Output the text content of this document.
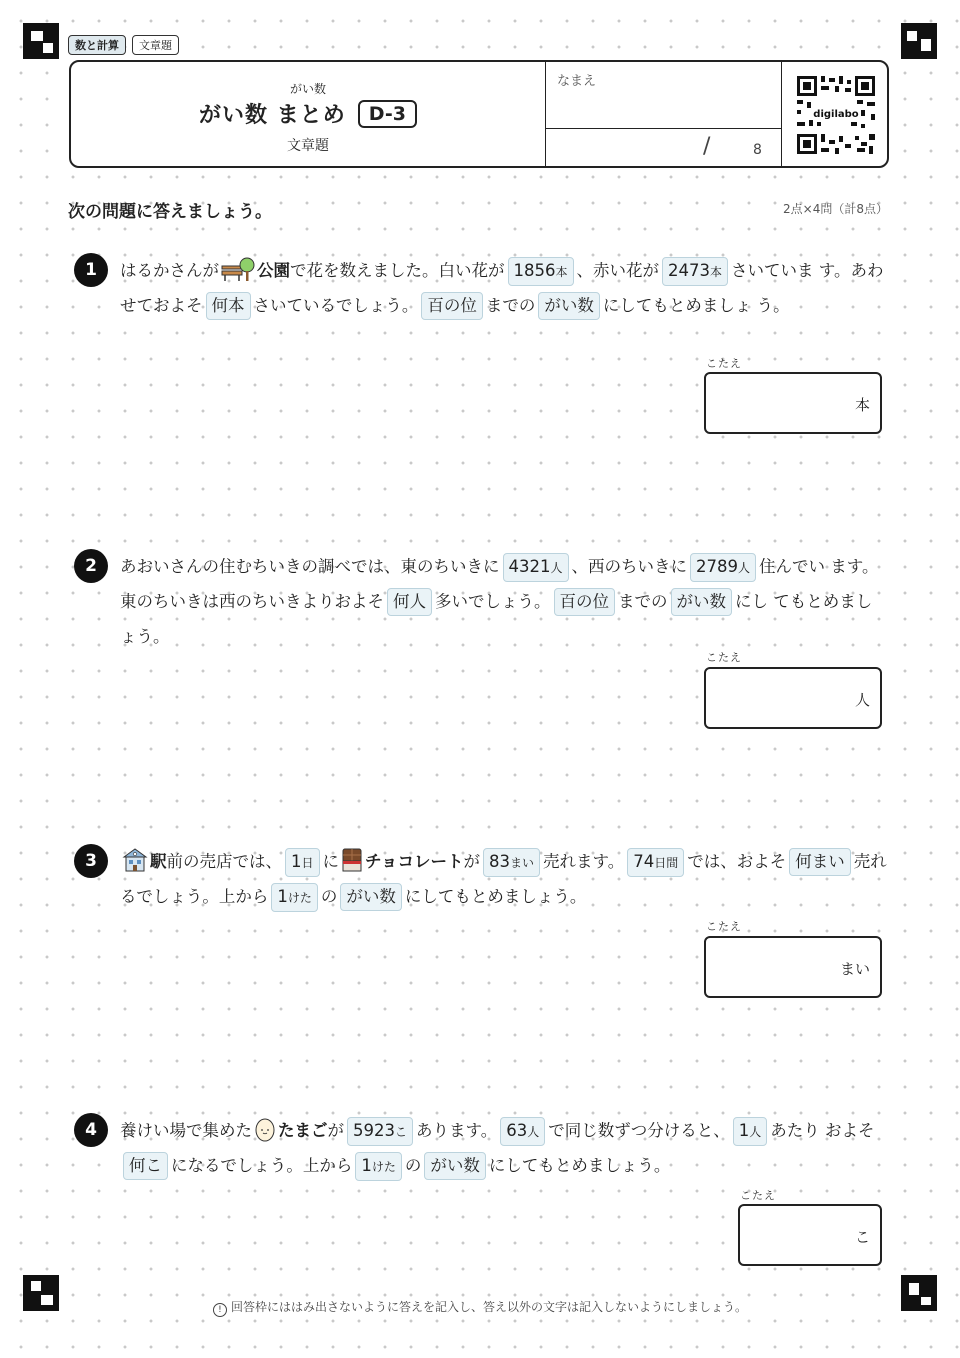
数と計算	文章題
がい数
がい数 まとめ	D-3
文章題
なまえ
/	8
digilabo
次の問題に答えましょう。	2点×4問（計8点）
1	はるかさんが 公園で花を数えました。白い花が 1856本 、赤い花が 2473本 さいていま す。あわせておよそ 何本 さいているでしょう。 百の位 までの がい数 にしてもとめましょ う。
こたえ
本
2	あおいさんの住むちいきの調べでは、東のちいきに 4321人 、西のちいきに 2789人 住んでい ます。東のちいきは西のちいきよりおよそ 何人 多いでしょう。 百の位 までの がい数 にし てもとめましょう。
こたえ
人
3	駅前の売店では、 1日 に チョコレートが 83まい 売れます。 74日間 では、およそ 何まい 売れるでしょう。上から 1けた の がい数 にしてもとめましょう。
こたえ
まい
4	養けい場で集めた たまごが 5923こ あります。 63人 で同じ数ずつ分けると、 1人 あたり およそ何こ になるでしょう。上から 1けた の がい数 にしてもとめましょう。
こたえ
こ
! 回答枠にははみ出さないように答えを記入し、答え以外の文字は記入しないようにしましょう。
